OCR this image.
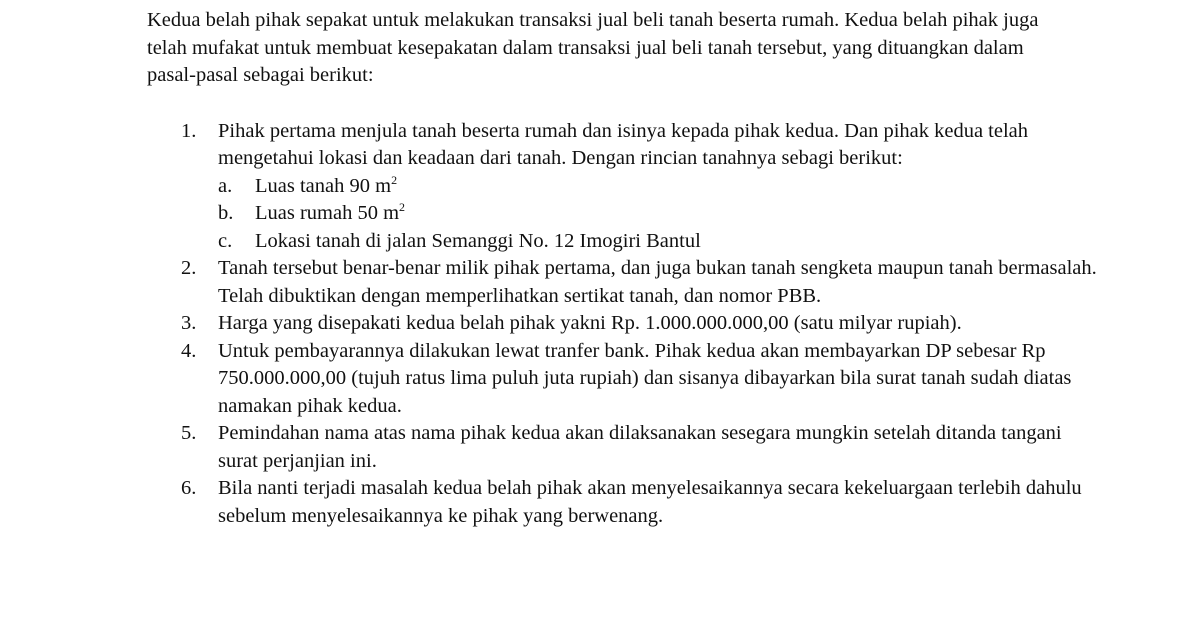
Kedua belah pihak sepakat untuk melakukan transaksi jual beli tanah beserta rumah. Kedua belah pihak juga telah mufakat untuk membuat kesepakatan dalam transaksi jual beli tanah tersebut, yang dituangkan dalam pasal-pasal sebagai berikut:

1. Pihak pertama menjula tanah beserta rumah dan isinya kepada pihak kedua. Dan pihak kedua telah mengetahui lokasi dan keadaan dari tanah. Dengan rincian tanahnya sebagi berikut:
a. Luas tanah 90 $m^2$
b. Luas rumah 50 $m^2$
c. Lokasi tanah di jalan Semanggi No. 12 Imogiri Bantul
2. Tanah tersebut benar-benar milik pihak pertama, dan juga bukan tanah sengketa maupun tanah bermasalah. Telah dibuktikan dengan memperlihatkan sertikat tanah, dan nomor PBB.
3. Harga yang disepakati kedua belah pihak yakni Rp. 1.000.000.000,00 (satu milyar rupiah).
4. Untuk pembayarannya dilakukan lewat tranfer bank. Pihak kedua akan membayarkan DP sebesar Rp 750.000.000,00 (tujuh ratus lima puluh juta rupiah) dan sisanya dibayarkan bila surat tanah sudah diatas namakan pihak kedua.
5. Pemindahan nama atas nama pihak kedua akan dilaksanakan sesegara mungkin setelah ditanda tangani surat perjanjian ini.
6. Bila nanti terjadi masalah kedua belah pihak akan menyelesaikannya secara kekeluargaan terlebih dahulu sebelum menyelesaikannya ke pihak yang berwenang.
